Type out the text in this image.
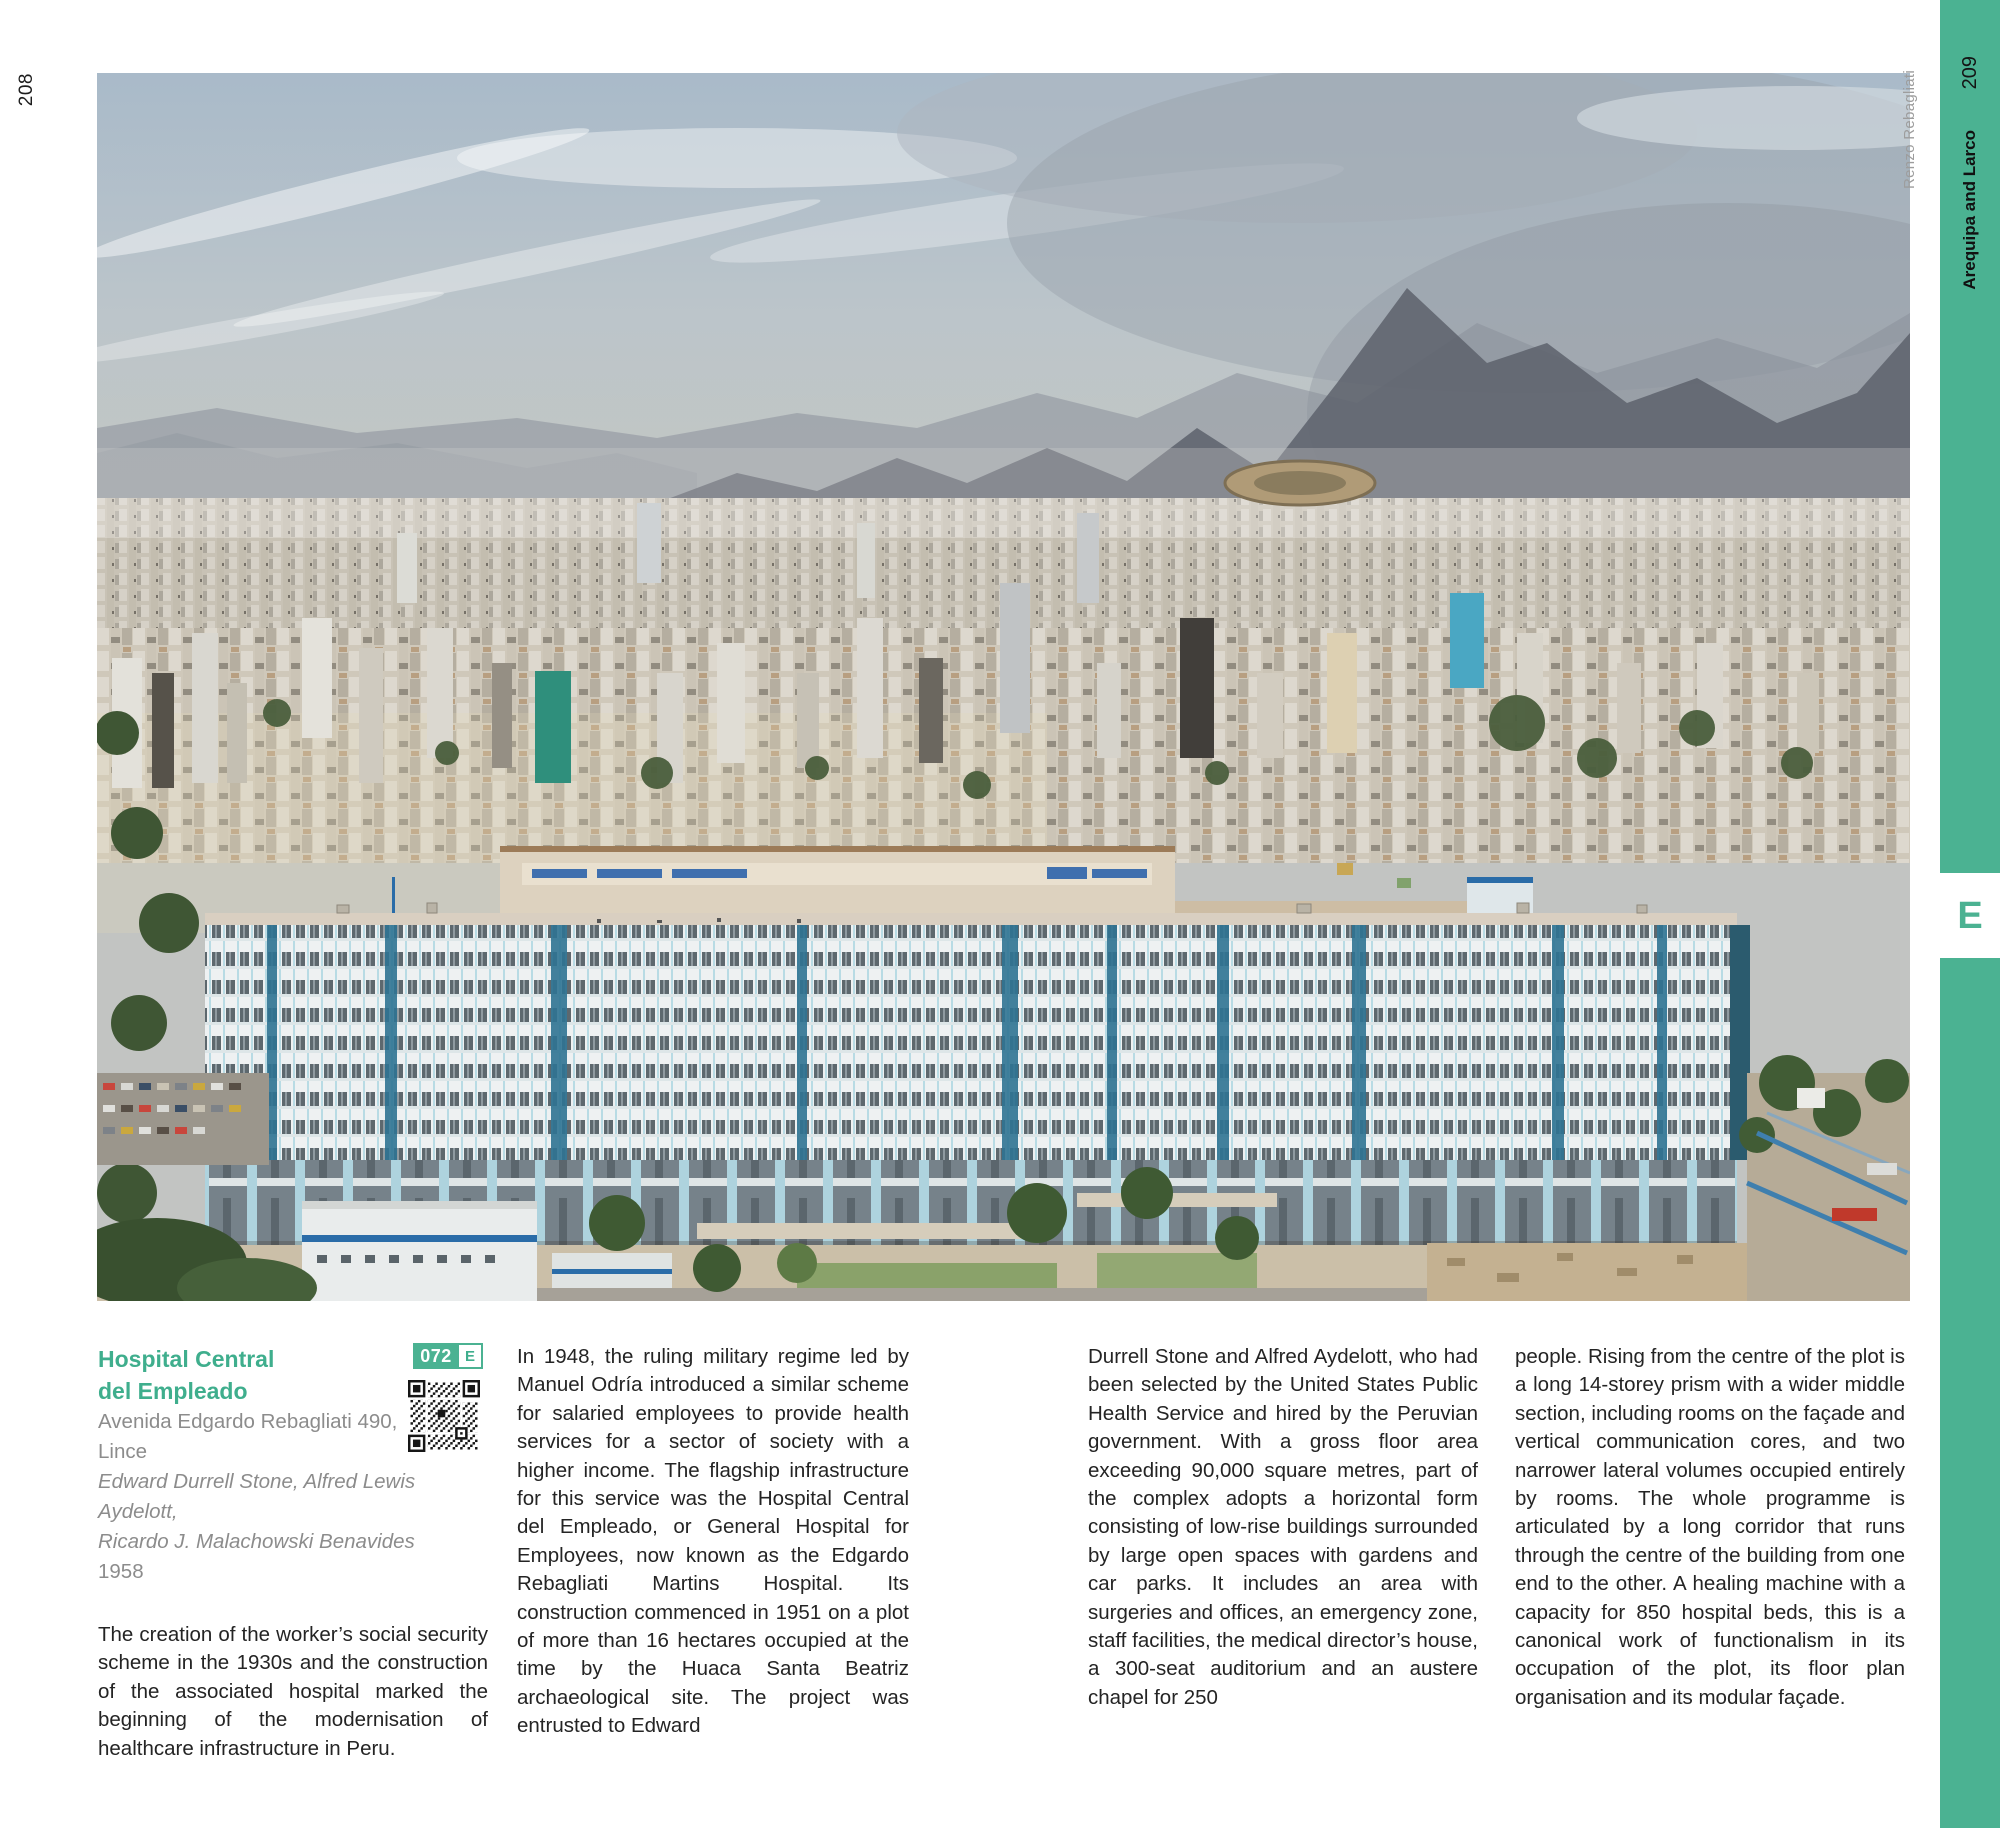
208	Renzo Rebagliati 209
Arequipa and Larco
E
072 E
Hospital Central
del Empleado
Avenida Edgardo Rebagliati 490,
Lince
Edward Durrell Stone, Alfred Lewis Aydelott,
Ricardo J. Malachowski Benavides
1958
The creation of the worker’s social security scheme in the 1930s and the construction of the associated hospital marked the beginning of the modernisation of healthcare infrastructure in Peru.
In 1948, the ruling military regime led by Manuel Odría introduced a similar scheme for salaried employees to provide health services for a sector of society with a higher income. The flagship infrastructure for this service was the Hospital Central del Empleado, or General Hospital for Employees, now known as the Edgardo Rebagliati Martins Hospital. Its construction commenced in 1951 on a plot of more than 16 hectares occupied at the time by the Huaca Santa Beatriz archaeological site. The project was entrusted to Edward
Durrell Stone and Alfred Aydelott, who had been selected by the United States Public Health Service and hired by the Peruvian government. With a gross floor area exceeding 90,000 square metres, part of the complex adopts a horizontal form consisting of low-rise buildings surrounded by large open spaces with gardens and car parks. It includes an area with surgeries and offices, an emergency zone, staff facilities, the medical director’s house, a 300-seat auditorium and an austere chapel for 250
people. Rising from the centre of the plot is a long 14-storey prism with a wider middle section, including rooms on the façade and vertical communication cores, and two narrower lateral volumes occupied entirely by rooms. The whole programme is articulated by a long corridor that runs through the centre of the building from one end to the other. A healing machine with a capacity for 850 hospital beds, this is a canonical work of functionalism in its occupation of the plot, its floor plan organisation and its modular façade.
